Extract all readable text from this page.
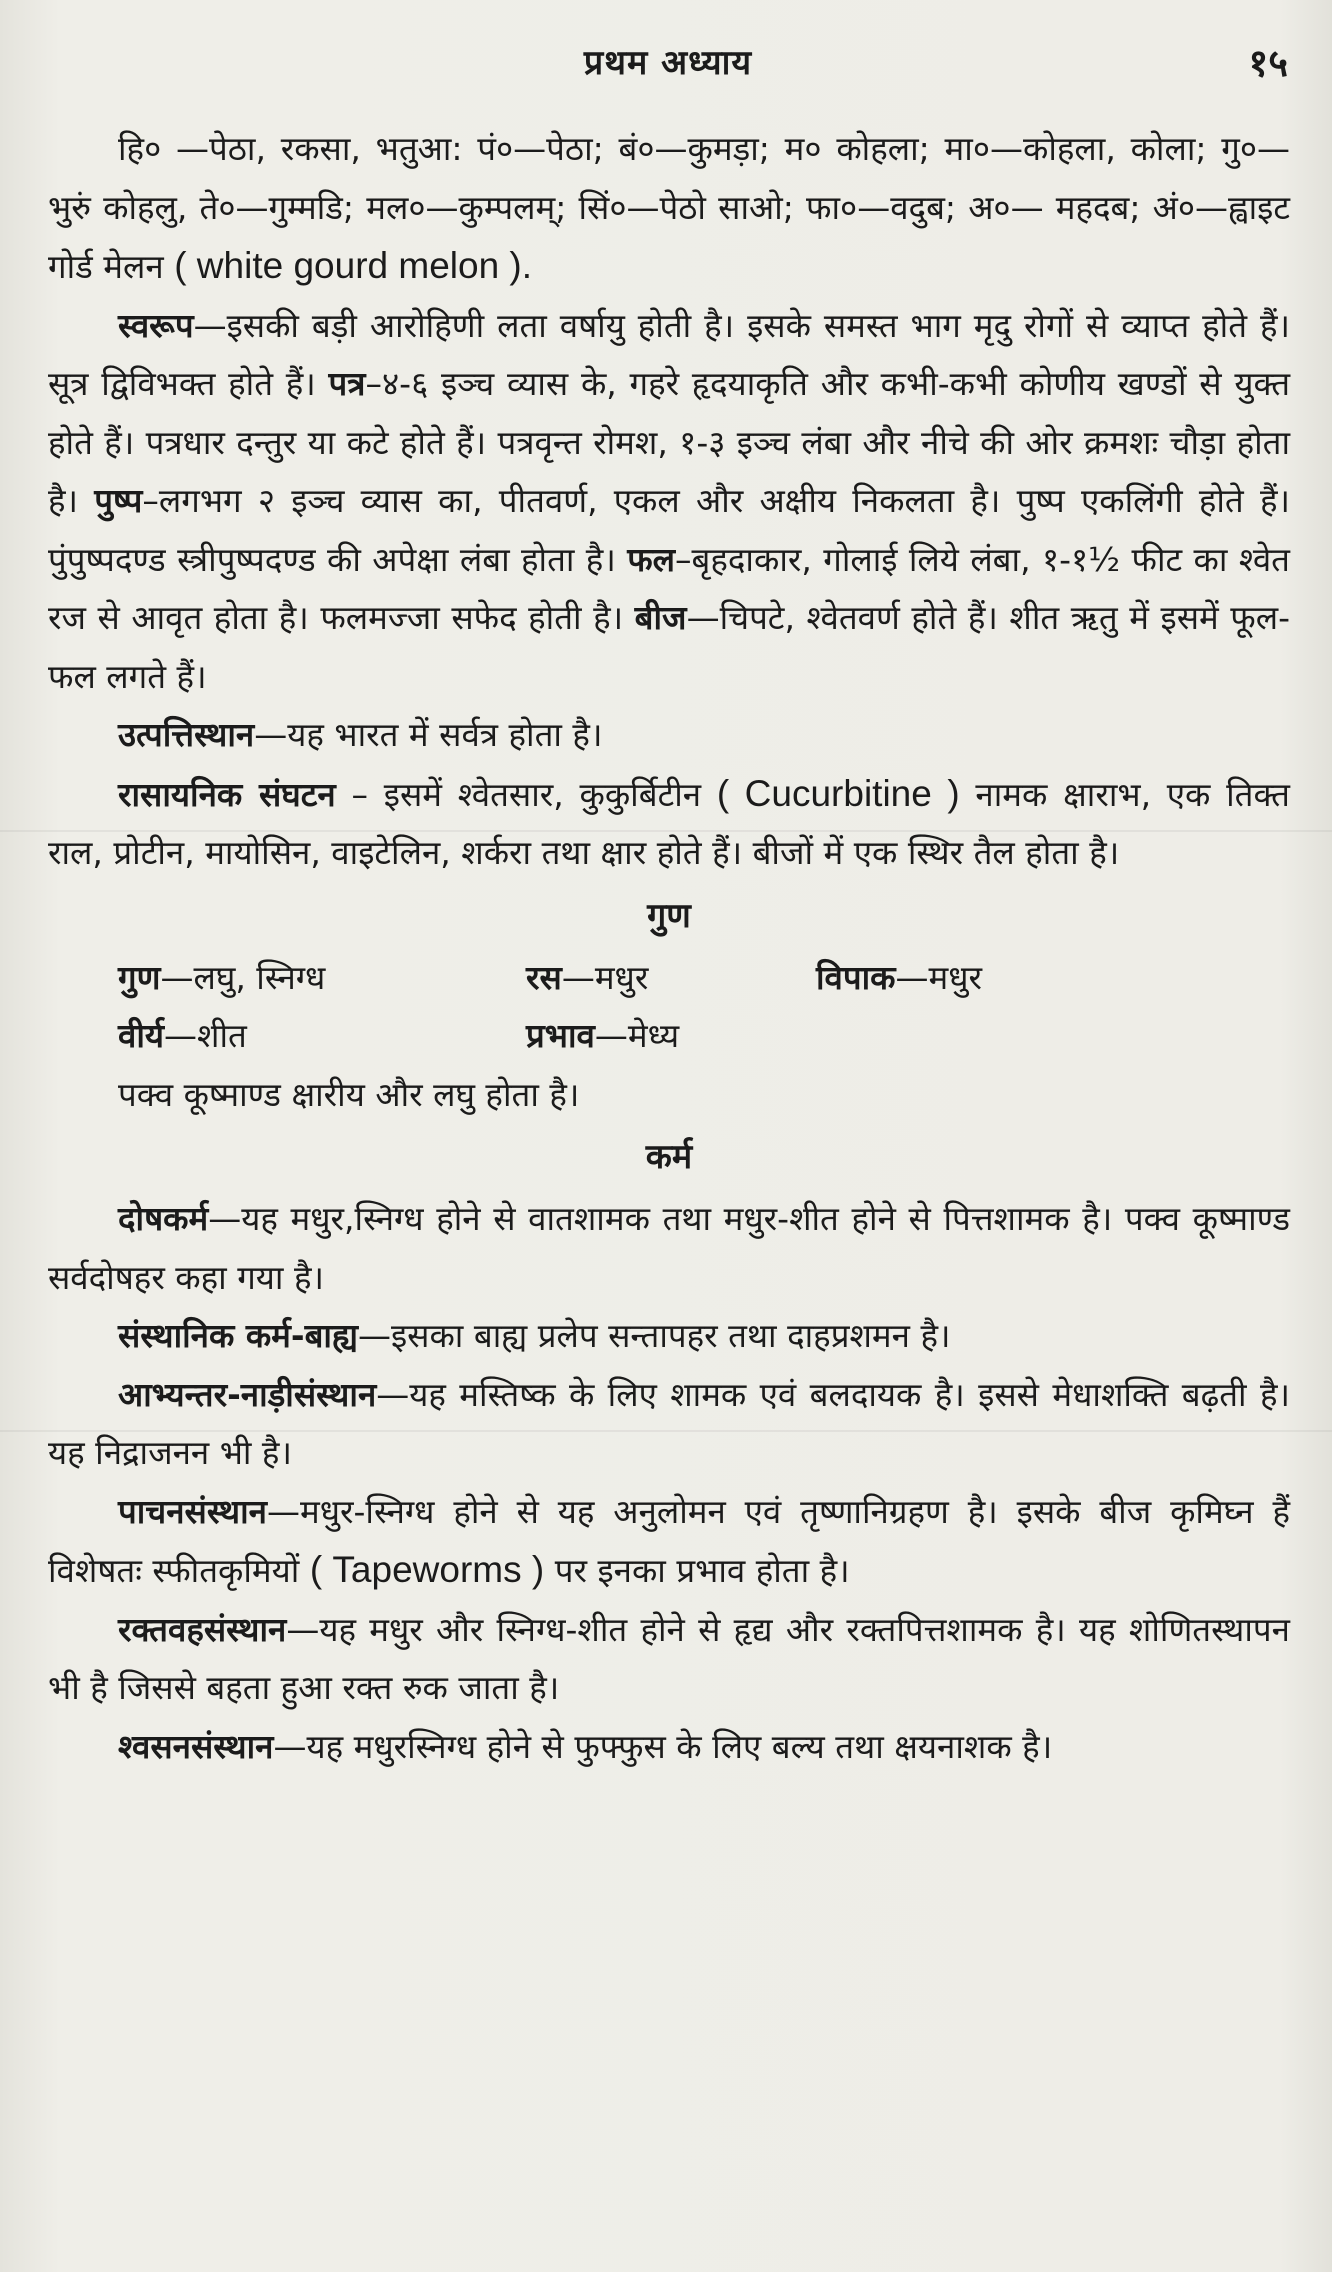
प्रथम अध्याय	१५

हि० —पेठा, रकसा, भतुआ: पं०—पेठा; बं०—कुमड़ा; म० कोहला; मा०—कोहला, कोला; गु०—भुरुं कोहलु, ते०—गुम्मडि; मल०—कुम्पलम्; सिं०—पेठो साओ; फा०—वदुब; अ०— महदब; अं०—ह्वाइट गोर्ड मेलन ( white gourd melon ).

स्वरूप—इसकी बड़ी आरोहिणी लता वर्षायु होती है। इसके समस्त भाग मृदु रोगों से व्याप्त होते हैं। सूत्र द्विविभक्त होते हैं। पत्र–४-६ इञ्च व्यास के, गहरे हृदयाकृति और कभी-कभी कोणीय खण्डों से युक्त होते हैं। पत्रधार दन्तुर या कटे होते हैं। पत्रवृन्त रोमश, १-३ इञ्च लंबा और नीचे की ओर क्रमशः चौड़ा होता है। पुष्प–लगभग २ इञ्च व्यास का, पीतवर्ण, एकल और अक्षीय निकलता है। पुष्प एकलिंगी होते हैं। पुंपुष्पदण्ड स्त्रीपुष्पदण्ड की अपेक्षा लंबा होता है। फल–बृहदाकार, गोलाई लिये लंबा, १-१½ फीट का श्वेत रज से आवृत होता है। फलमज्जा सफेद होती है। बीज—चिपटे, श्वेतवर्ण होते हैं। शीत ऋतु में इसमें फूल-फल लगते हैं।

उत्पत्तिस्थान—यह भारत में सर्वत्र होता है।

रासायनिक संघटन – इसमें श्वेतसार, कुकुर्बिटीन ( Cucurbitine ) नामक क्षाराभ, एक तिक्त राल, प्रोटीन, मायोसिन, वाइटेलिन, शर्करा तथा क्षार होते हैं। बीजों में एक स्थिर तैल होता है।

गुण
गुण—लघु, स्निग्ध	रस—मधुर	विपाक—मधुर
वीर्य—शीत	प्रभाव—मेध्य

पक्व कूष्माण्ड क्षारीय और लघु होता है।

कर्म

दोषकर्म—यह मधुर,स्निग्ध होने से वातशामक तथा मधुर-शीत होने से पित्तशामक है। पक्व कूष्माण्ड सर्वदोषहर कहा गया है।

संस्थानिक कर्म-बाह्य—इसका बाह्य प्रलेप सन्तापहर तथा दाहप्रशमन है।

आभ्यन्तर-नाड़ीसंस्थान—यह मस्तिष्क के लिए शामक एवं बलदायक है। इससे मेधाशक्ति बढ़ती है। यह निद्राजनन भी है।

पाचनसंस्थान—मधुर-स्निग्ध होने से यह अनुलोमन एवं तृष्णानिग्रहण है। इसके बीज कृमिघ्न हैं विशेषतः स्फीतकृमियों ( Tapeworms ) पर इनका प्रभाव होता है।

रक्तवहसंस्थान—यह मधुर और स्निग्ध-शीत होने से हृद्य और रक्तपित्तशामक है। यह शोणितस्थापन भी है जिससे बहता हुआ रक्त रुक जाता है।

श्वसनसंस्थान—यह मधुरस्निग्ध होने से फुफ्फुस के लिए बल्य तथा क्षयनाशक है।
